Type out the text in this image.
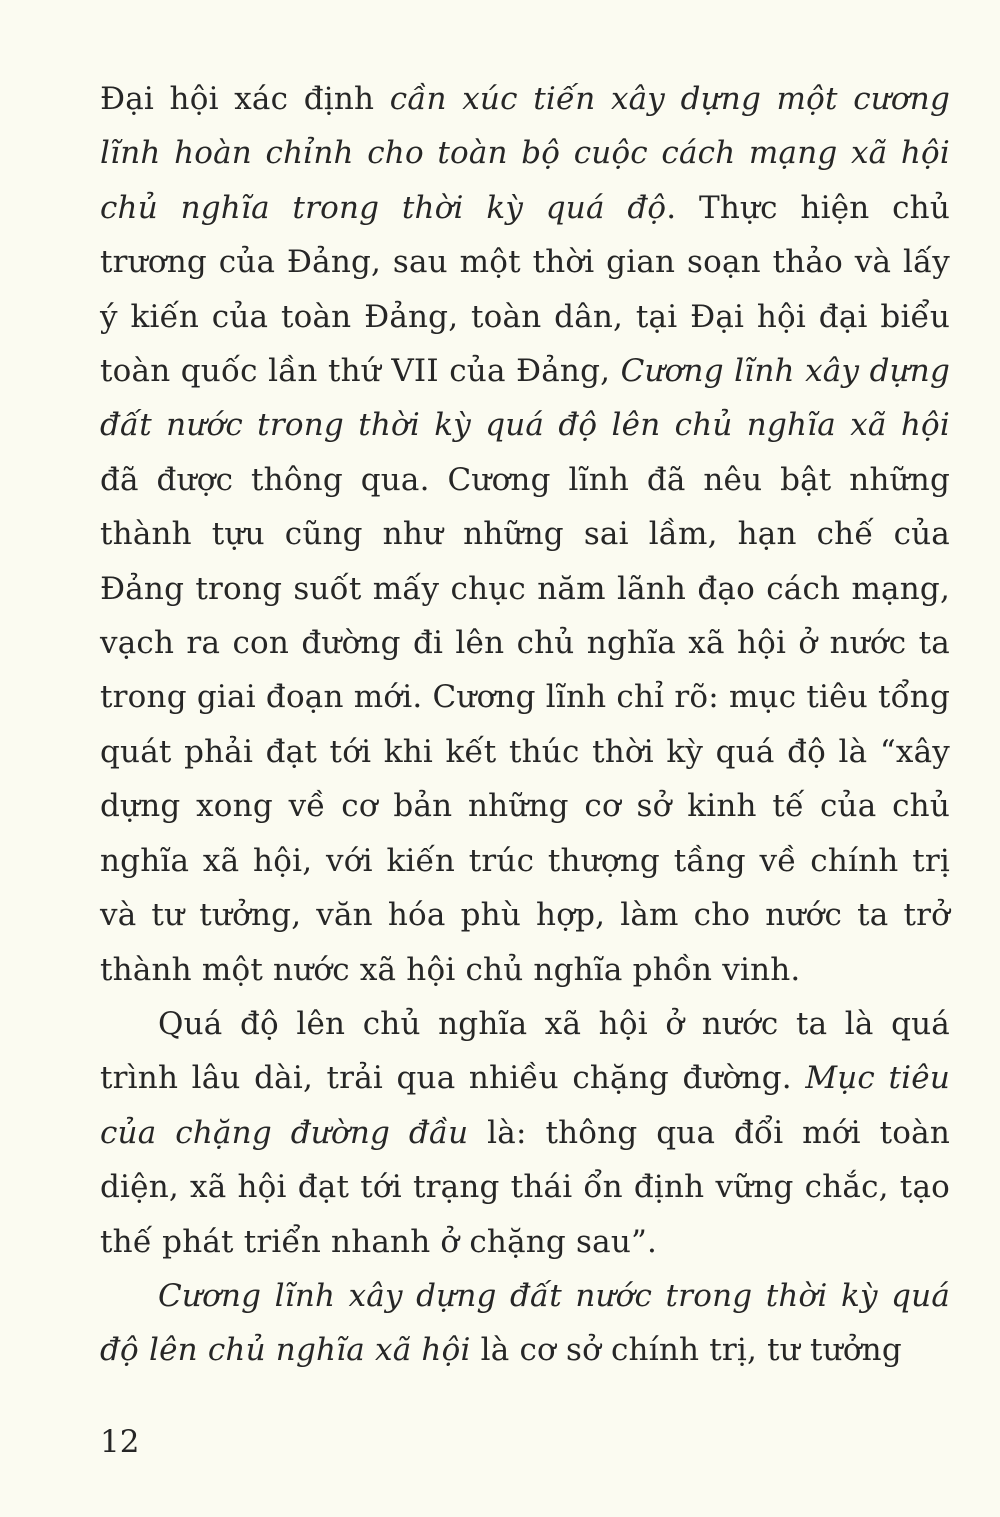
Đại hội xác định cần xúc tiến xây dựng một cương lĩnh hoàn chỉnh cho toàn bộ cuộc cách mạng xã hội chủ nghĩa trong thời kỳ quá độ. Thực hiện chủ trương của Đảng, sau một thời gian soạn thảo và lấy ý kiến của toàn Đảng, toàn dân, tại Đại hội đại biểu toàn quốc lần thứ VII của Đảng, Cương lĩnh xây dựng đất nước trong thời kỳ quá độ lên chủ nghĩa xã hội đã được thông qua. Cương lĩnh đã nêu bật những thành tựu cũng như những sai lầm, hạn chế của Đảng trong suốt mấy chục năm lãnh đạo cách mạng, vạch ra con đường đi lên chủ nghĩa xã hội ở nước ta trong giai đoạn mới. Cương lĩnh chỉ rõ: mục tiêu tổng quát phải đạt tới khi kết thúc thời kỳ quá độ là “xây dựng xong về cơ bản những cơ sở kinh tế của chủ nghĩa xã hội, với kiến trúc thượng tầng về chính trị và tư tưởng, văn hóa phù hợp, làm cho nước ta trở thành một nước xã hội chủ nghĩa phồn vinh.

Quá độ lên chủ nghĩa xã hội ở nước ta là quá trình lâu dài, trải qua nhiều chặng đường. Mục tiêu của chặng đường đầu là: thông qua đổi mới toàn diện, xã hội đạt tới trạng thái ổn định vững chắc, tạo thế phát triển nhanh ở chặng sau”.

Cương lĩnh xây dựng đất nước trong thời kỳ quá độ lên chủ nghĩa xã hội là cơ sở chính trị, tư tưởng

12
